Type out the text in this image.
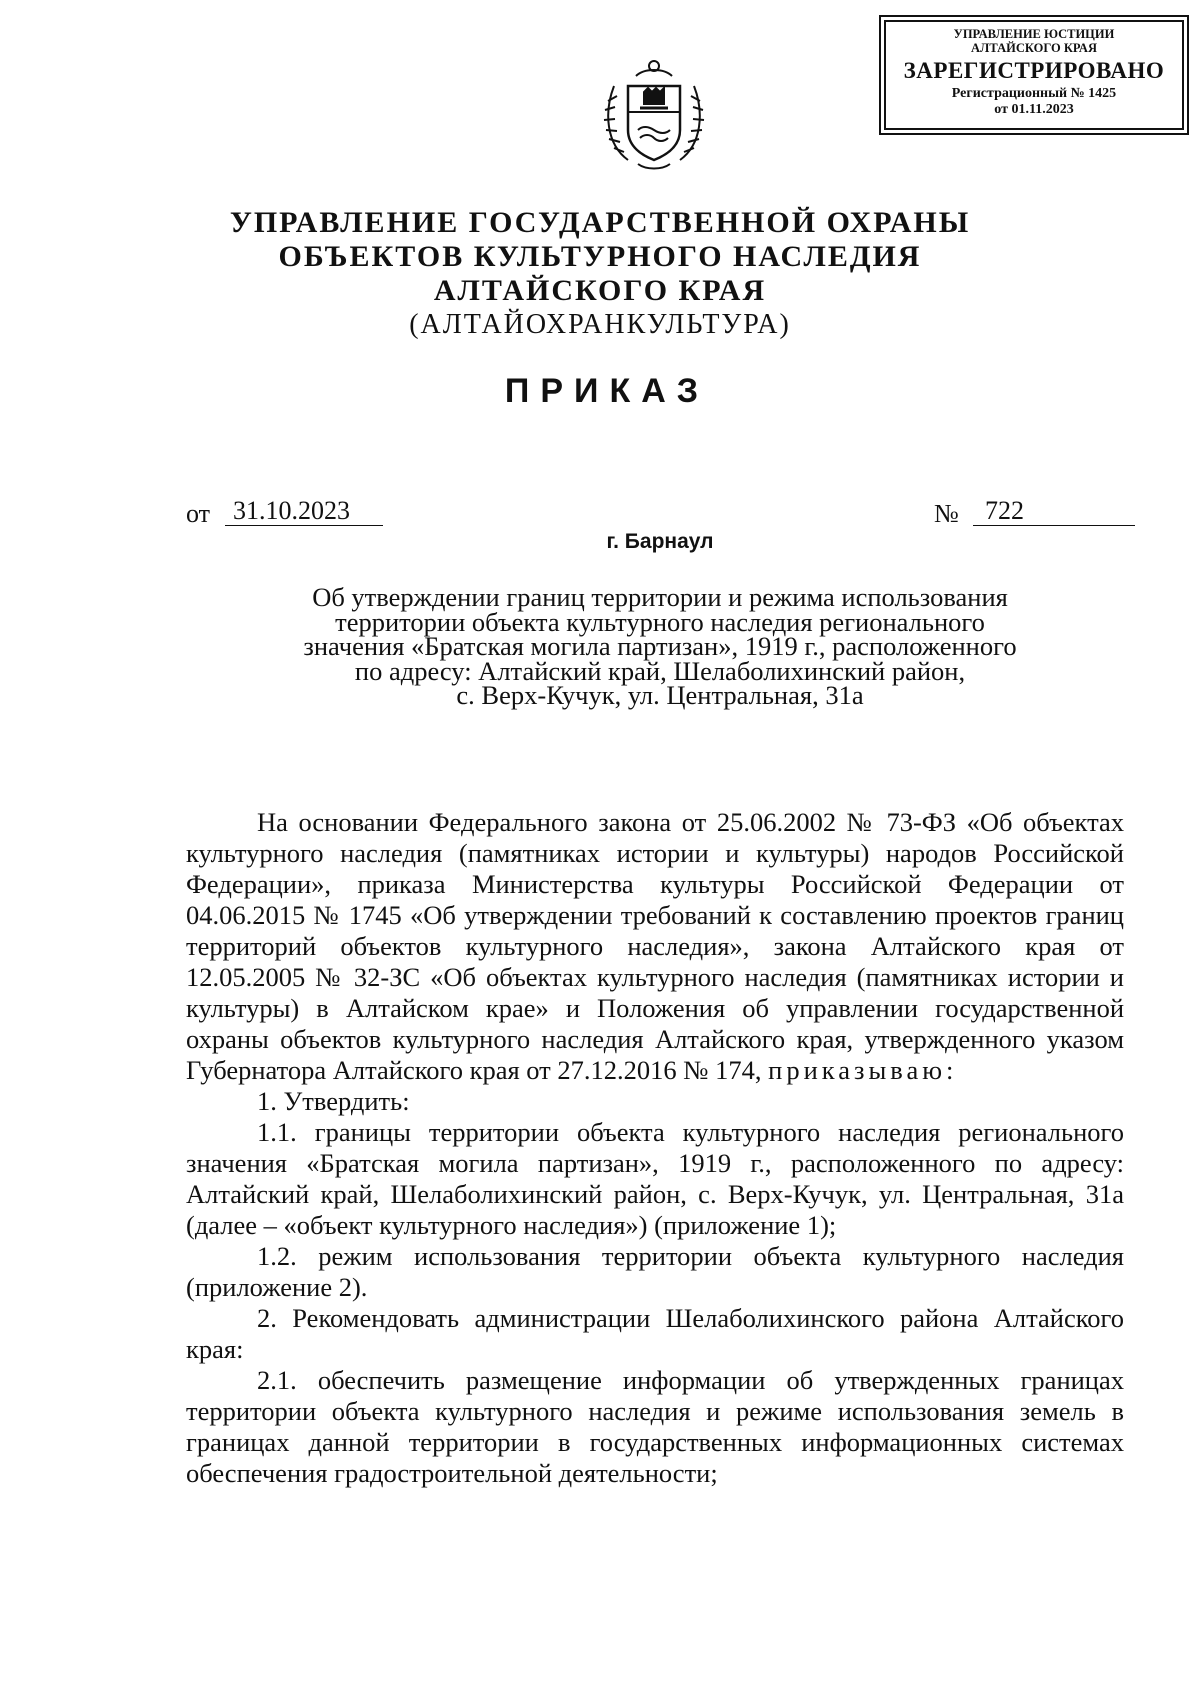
УПРАВЛЕНИЕ ЮСТИЦИИ
АЛТАЙСКОГО КРАЯ
ЗАРЕГИСТРИРОВАНО
Регистрационный № 1425
от 01.11.2023
УПРАВЛЕНИЕ ГОСУДАРСТВЕННОЙ ОХРАНЫ
ОБЪЕКТОВ КУЛЬТУРНОГО НАСЛЕДИЯ
АЛТАЙСКОГО КРАЯ
(АЛТАЙОХРАНКУЛЬТУРА)
ПРИКАЗ
от 31.10.2023	№	722
г. Барнаул
Об утверждении границ территории и режима использования
территории объекта культурного наследия регионального
значения «Братская могила партизан», 1919 г., расположенного
по адресу: Алтайский край, Шелаболихинский район,
с. Верх-Кучук, ул. Центральная, 31а

На основании Федерального закона от 25.06.2002 № 73-ФЗ «Об объектах культурного наследия (памятниках истории и культуры) народов Российской Федерации», приказа Министерства культуры Российской Федерации от 04.06.2015 № 1745 «Об утверждении требований к составлению проектов границ территорий объектов культурного наследия», закона Алтайского края от 12.05.2005 № 32-ЗС «Об объектах культурного наследия (памятниках истории и культуры) в Алтайском крае» и Положения об управлении государственной охраны объектов культурного наследия Алтайского края, утвержденного указом Губернатора Алтайского края от 27.12.2016 № 174, приказываю:

1. Утвердить:

1.1. границы территории объекта культурного наследия регионального значения «Братская могила партизан», 1919 г., расположенного по адресу: Алтайский край, Шелаболихинский район, с. Верх-Кучук, ул. Центральная, 31а (далее – «объект культурного наследия») (приложение 1);

1.2. режим использования территории объекта культурного наследия (приложение 2).

2. Рекомендовать администрации Шелаболихинского района Алтайского края:

2.1. обеспечить размещение информации об утвержденных границах территории объекта культурного наследия и режиме использования земель в границах данной территории в государственных информационных системах обеспечения градостроительной деятельности;
